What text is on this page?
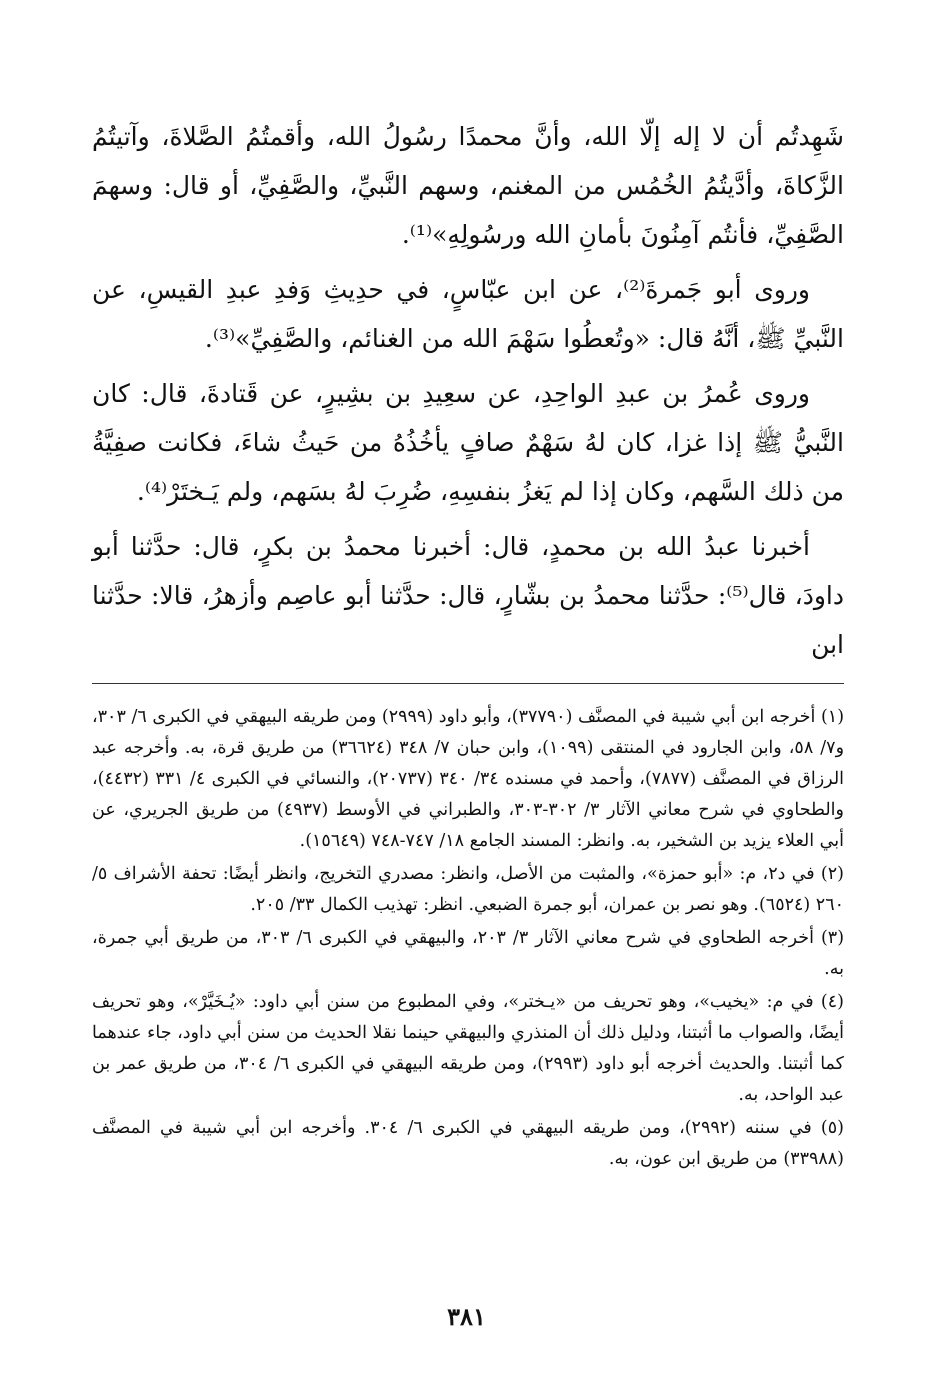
شَهِدتُم أن لا إله إلّا الله، وأنَّ محمدًا رسُولُ الله، وأقمتُمُ الصَّلاةَ، وآتيتُمُ الزَّكاةَ، وأدَّيتُمُ الخُمُس من المغنم، وسهم النَّبيِّ، والصَّفِيِّ، أو قال: وسهمَ الصَّفِيِّ، فأنتُم آمِنُونَ بأمانِ الله ورسُولِهِ»⁽¹⁾.

وروى أبو جَمرةَ⁽²⁾، عن ابن عبّاسٍ، في حدِيثِ وَفدِ عبدِ القيسِ، عن النَّبيِّ ﷺ، أنَّهُ قال: «وتُعطُوا سَهْمَ الله من الغنائم، والصَّفِيِّ»⁽³⁾.

وروى عُمرُ بن عبدِ الواحِدِ، عن سعِيدِ بن بشِيرٍ، عن قَتادةَ، قال: كان النَّبيُّ ﷺ إذا غزا، كان لهُ سَهْمٌ صافٍ يأخُذُهُ من حَيثُ شاءَ، فكانت صفِيَّةُ من ذلك السَّهم، وكان إذا لم يَغزُ بنفسِهِ، ضُرِبَ لهُ بسَهم، ولم يَـختَرْ⁽⁴⁾.

أخبرنا عبدُ الله بن محمدٍ، قال: أخبرنا محمدُ بن بكرٍ، قال: حدَّثنا أبو داودَ، قال⁽⁵⁾: حدَّثنا محمدُ بن بشّارٍ، قال: حدَّثنا أبو عاصِم وأزهرُ، قالا: حدَّثنا ابن

(١) أخرجه ابن أبي شيبة في المصنَّف (٣٧٧٩٠)، وأبو داود (٢٩٩٩) ومن طريقه البيهقي في الكبرى ٦/ ٣٠٣، و٧/ ٥٨، وابن الجارود في المنتقى (١٠٩٩)، وابن حبان ٧/ ٣٤٨ (٣٦٦٢٤) من طريق قرة، به. وأخرجه عبد الرزاق في المصنَّف (٧٨٧٧)، وأحمد في مسنده ٣٤/ ٣٤٠ (٢٠٧٣٧)، والنسائي في الكبرى ٤/ ٣٣١ (٤٤٣٢)، والطحاوي في شرح معاني الآثار ٣/ ٣٠٢-٣٠٣، والطبراني في الأوسط (٤٩٣٧) من طريق الجريري، عن أبي العلاء يزيد بن الشخير، به. وانظر: المسند الجامع ١٨/ ٧٤٧-٧٤٨ (١٥٦٤٩).

(٢) في د٢، م: «أبو حمزة»، والمثبت من الأصل، وانظر: مصدري التخريج، وانظر أيضًا: تحفة الأشراف ٥/ ٢٦٠ (٦٥٢٤). وهو نصر بن عمران، أبو جمرة الضبعي. انظر: تهذيب الكمال ٣٣/ ٢٠٥.

(٣) أخرجه الطحاوي في شرح معاني الآثار ٣/ ٢٠٣، والبيهقي في الكبرى ٦/ ٣٠٣، من طريق أبي جمرة، به.

(٤) في م: «يخيب»، وهو تحريف من «يـختر»، وفي المطبوع من سنن أبي داود: «يُـخَيَّرْ»، وهو تحريف أيضًا، والصواب ما أثبتنا، ودليل ذلك أن المنذري والبيهقي حينما نقلا الحديث من سنن أبي داود، جاء عندهما كما أثبتنا. والحديث أخرجه أبو داود (٢٩٩٣)، ومن طريقه البيهقي في الكبرى ٦/ ٣٠٤، من طريق عمر بن عبد الواحد، به.

(٥) في سننه (٢٩٩٢)، ومن طريقه البيهقي في الكبرى ٦/ ٣٠٤. وأخرجه ابن أبي شيبة في المصنَّف (٣٣٩٨٨) من طريق ابن عون، به.

٣٨١
